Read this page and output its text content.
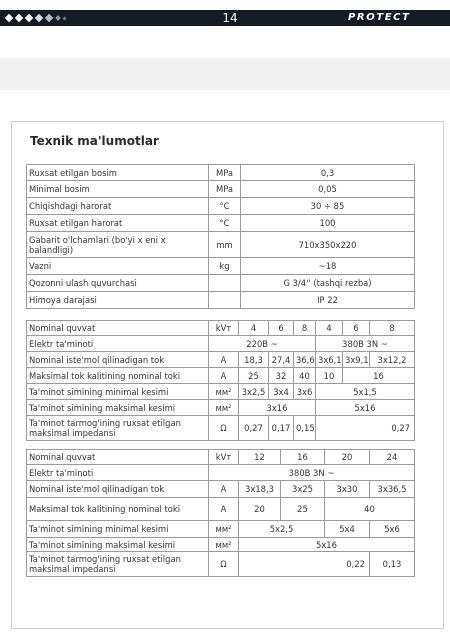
14	PROTECT
Texnik ma'lumotlar
Ruxsat etilgan bosim	MPa	0,3
Minimal bosim	MPa	0,05
Chiqishdagi harorat	°C	30 ÷ 85
Ruxsat etilgan harorat	°C	100
Gabarit o'lchamlari (bo'yi x eni x balandligi)	mm	710x350x220
Vazni	kg	~18
Qozonni ulash quvurchasi		G 3/4'' (tashqi rezba)
Himoya darajasi		IP 22
Nominal quvvat	kVт	4	6	8	4	6	8
Elektr ta'minoti	220В ~				380В 3N ~		
Nominal iste'mol qilinadigan tok	A	18,3	27,4	36,6	3x6,1	3x9,1	3x12,2
Maksimal tok kalitining nominal toki	A	25	32	40	10	16	
Ta'minot simining minimal kesimi	мм²	3x2,5	3x4	3x6	5x1,5		
Ta'minot simining maksimal kesimi	мм²	3x16			5x16		
Ta'minot tarmog'ining ruxsat etilgan maksimal impedansi	Ω	0,27	0,17	0,15	0,27		
Nominal quvvat	kVт	12	16	20	24
Elektr ta'minoti	380В 3N ~				
Nominal iste'mol qilinadigan tok	A	3x18,3	3x25	3x30	3x36,5
Maksimal tok kalitining nominal toki	A	20	25	40	
Ta'minot simining minimal kesimi	мм²	5x2,5		5x4	5x6
Ta'minot simining maksimal kesimi	мм²	5x16			
Ta'minot tarmog'ining ruxsat etilgan maksimal impedansi	Ω	0,22			0,13
